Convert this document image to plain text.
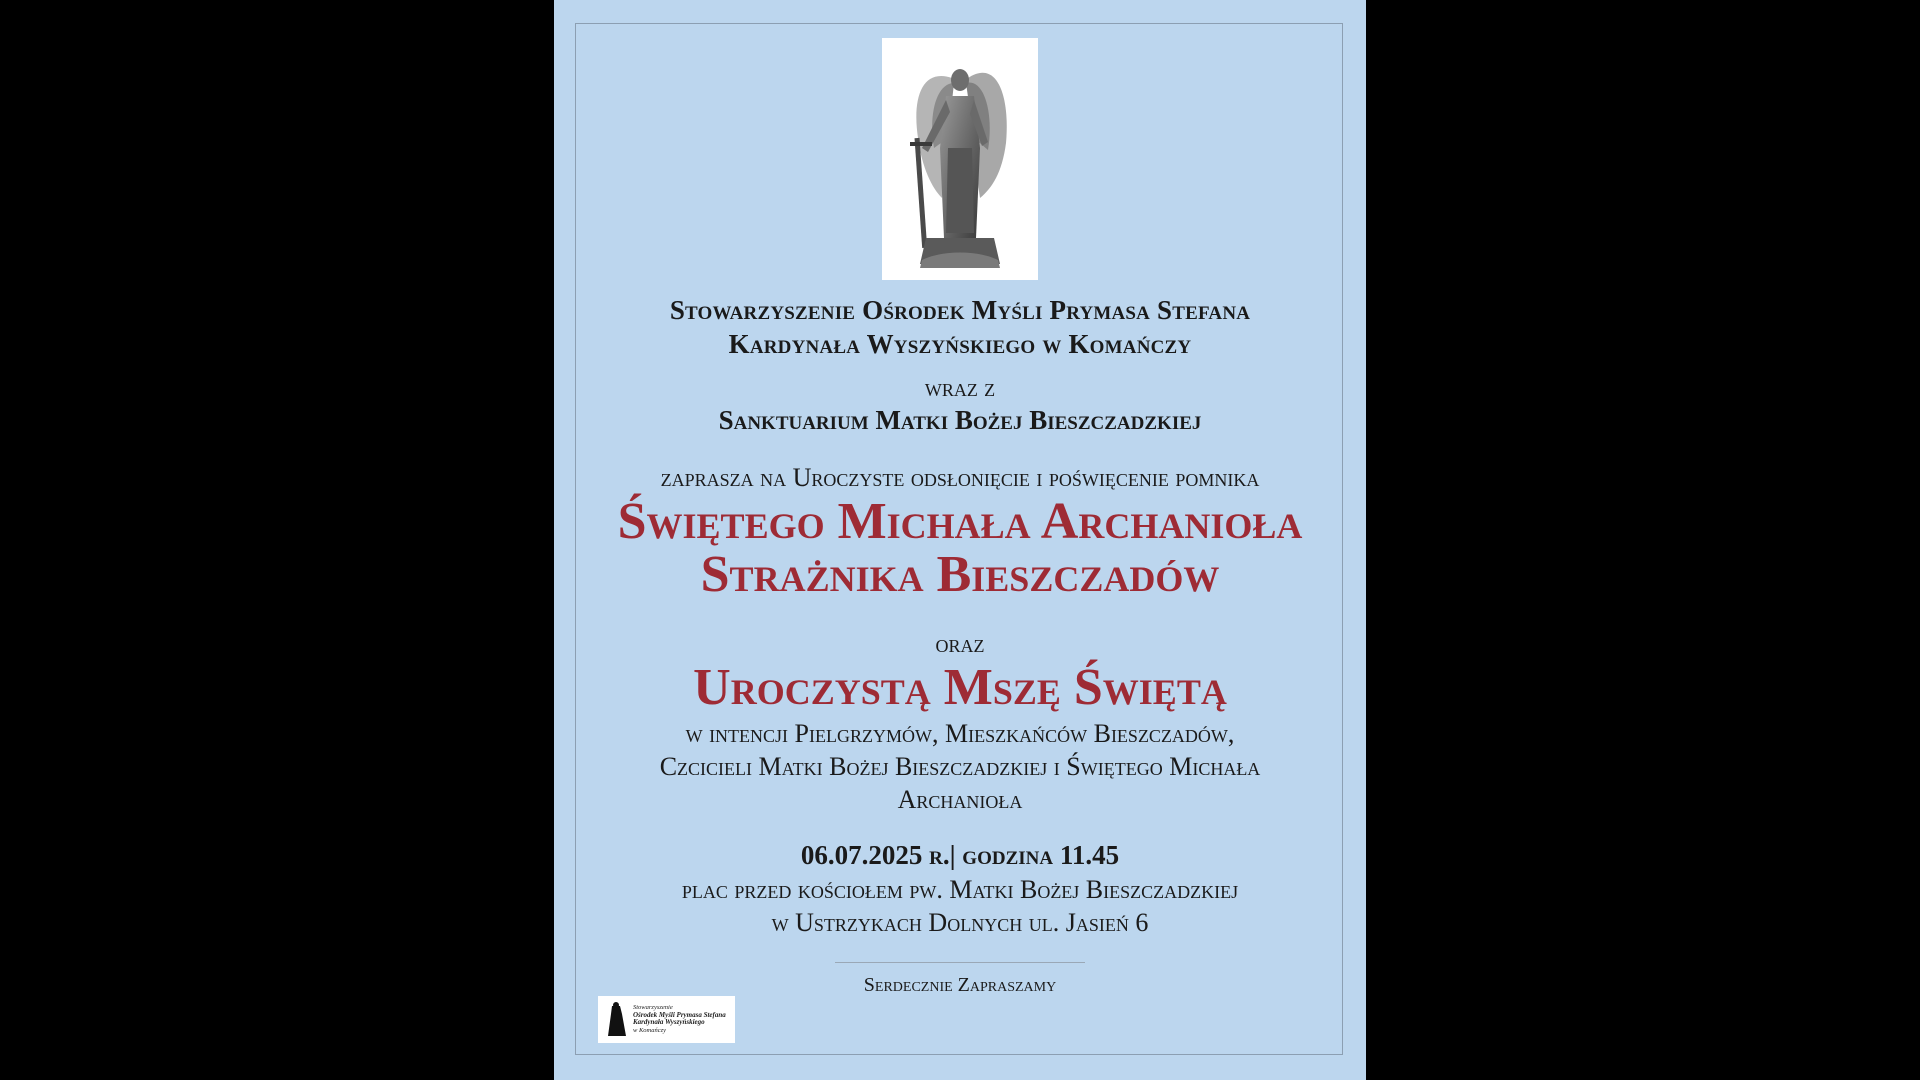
Stowarzyszenie Ośrodek Myśli Prymasa Stefana
Kardynała Wyszyńskiego w Komańczy

wraz z

Sanktuarium Matki Bożej Bieszczadzkiej

zaprasza na Uroczyste odsłonięcie i poświęcenie pomnika

Świętego Michała Archanioła

Strażnika Bieszczadów

oraz

Uroczystą Mszę Świętą

w intencji Pielgrzymów, Mieszkańców Bieszczadów,
Czcicieli Matki Bożej Bieszczadzkiej i Świętego Michała
Archanioła

06.07.2025 r.| godzina 11.45

plac przed kościołem pw. Matki Bożej Bieszczadzkiej
w Ustrzykach Dolnych ul. Jasień 6

Serdecznie Zapraszamy

Stowarzyszenie
Ośrodek Myśli Prymasa Stefana
Kardynała Wyszyńskiego
w Komańczy
